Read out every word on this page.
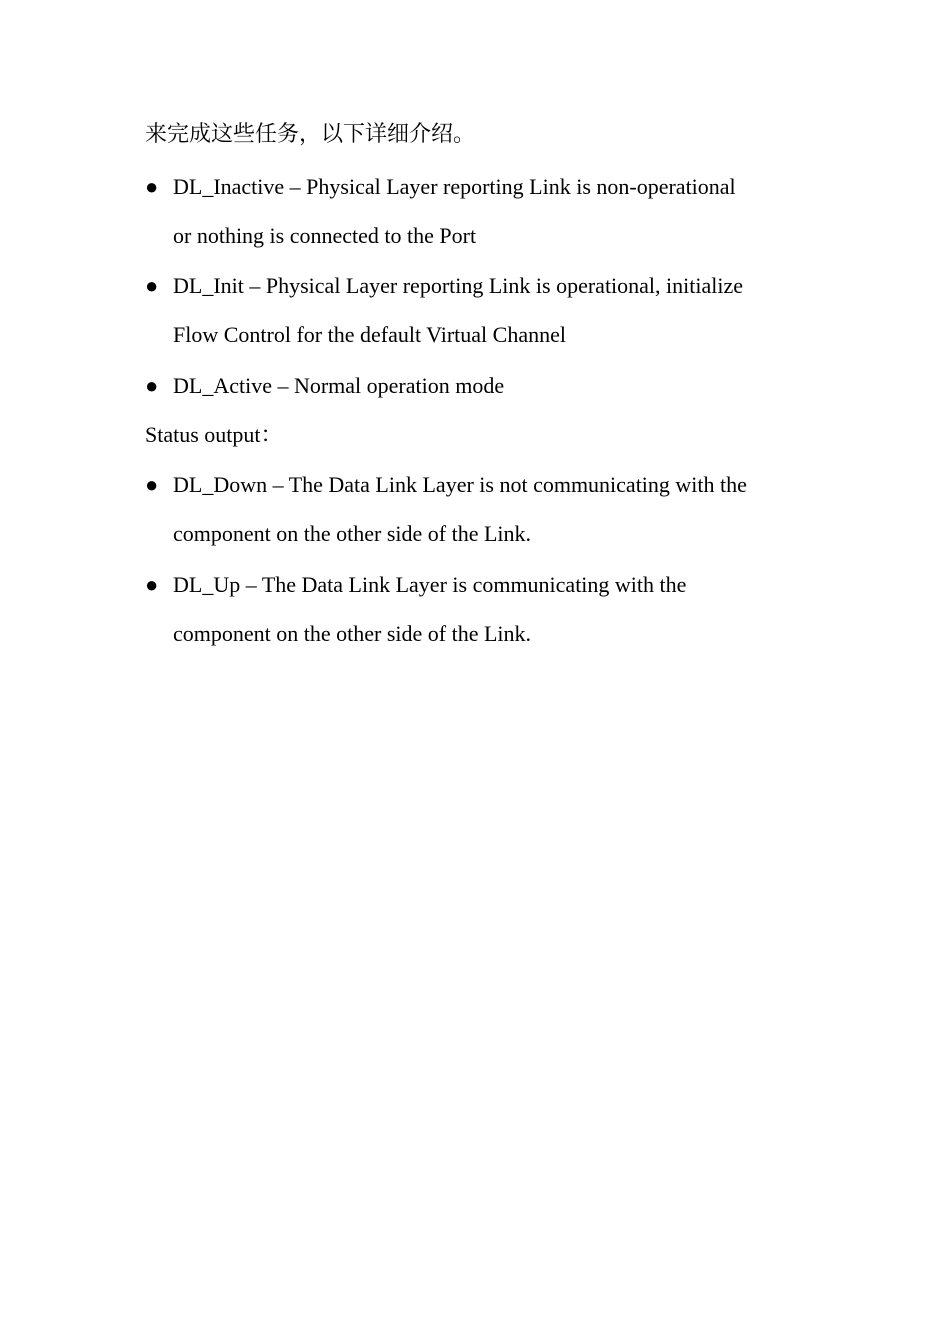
来完成这些任务，以下详细介绍。
● DL_Inactive – Physical Layer reporting Link is non-operational
or nothing is connected to the Port
● DL_Init – Physical Layer reporting Link is operational, initialize
Flow Control for the default Virtual Channel
● DL_Active – Normal operation mode
Status output：
● DL_Down – The Data Link Layer is not communicating with the
component on the other side of the Link.
● DL_Up – The Data Link Layer is communicating with the
component on the other side of the Link.
